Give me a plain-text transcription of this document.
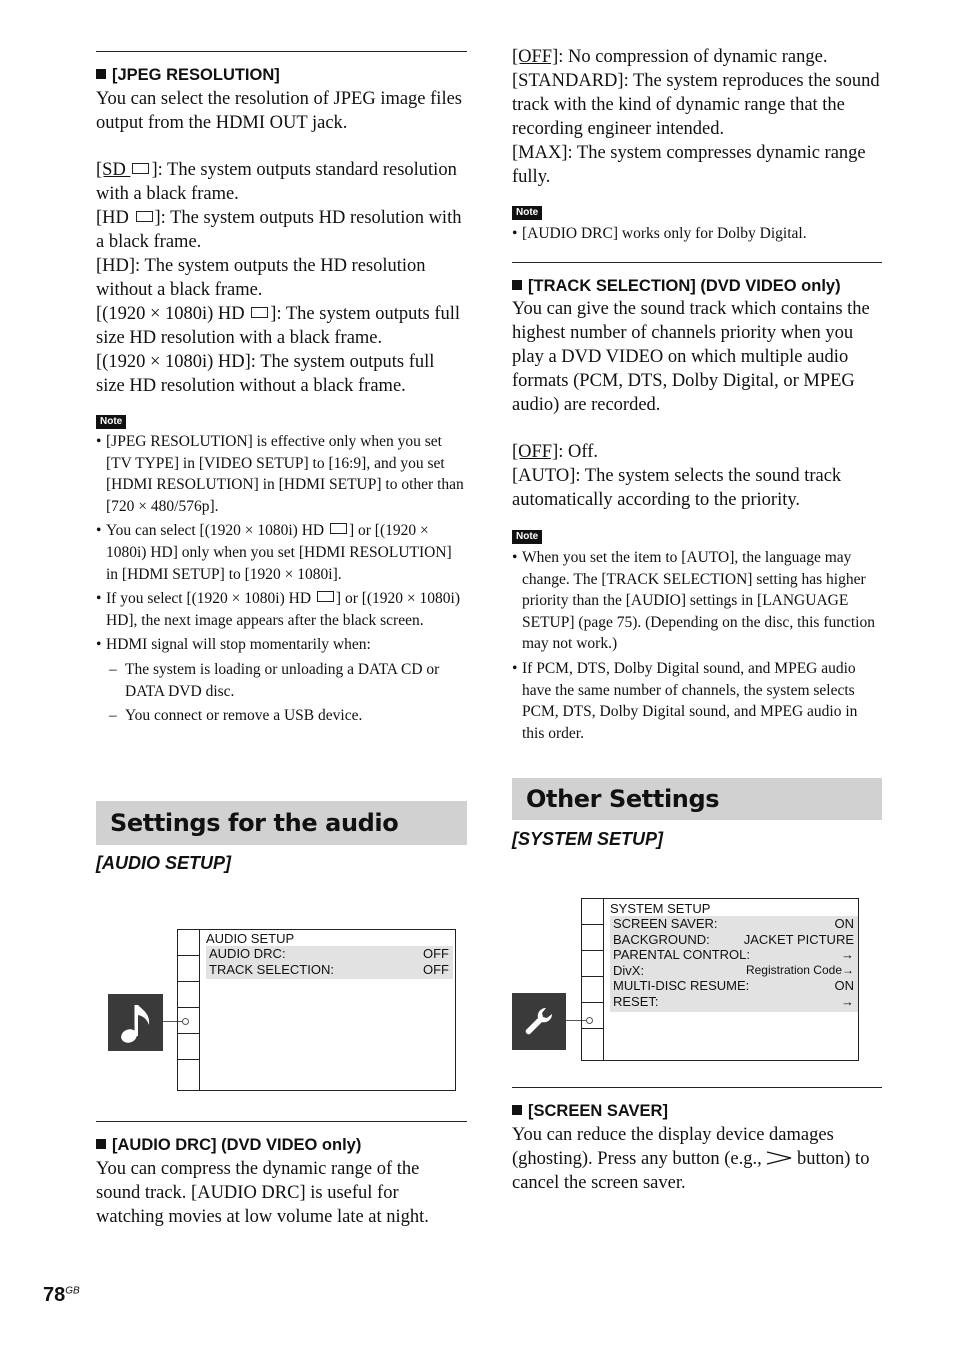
[JPEG RESOLUTION]
You can select the resolution of JPEG image files output from the HDMI OUT jack.
[SD ]: The system outputs standard resolution with a black frame.
[HD ]: The system outputs HD resolution with a black frame.
[HD]: The system outputs the HD resolution without a black frame.
[(1920 × 1080i) HD ]: The system outputs full size HD resolution with a black frame.
[(1920 × 1080i) HD]: The system outputs full size HD resolution without a black frame.
Note
• [JPEG RESOLUTION] is effective only when you set [TV TYPE] in [VIDEO SETUP] to [16:9], and you set [HDMI RESOLUTION] in [HDMI SETUP] to other than [720 × 480/576p].
• You can select [(1920 × 1080i) HD ] or [(1920 × 1080i) HD] only when you set [HDMI RESOLUTION] in [HDMI SETUP] to [1920 × 1080i].
• If you select [(1920 × 1080i) HD ] or [(1920 × 1080i) HD], the next image appears after the black screen.
• HDMI signal will stop momentarily when:
– The system is loading or unloading a DATA CD or DATA DVD disc.
– You connect or remove a USB device.
Settings for the audio
[AUDIO SETUP]
AUDIO SETUP
AUDIO DRC:	OFF
TRACK SELECTION:	OFF
[AUDIO DRC] (DVD VIDEO only)
You can compress the dynamic range of the sound track. [AUDIO DRC] is useful for watching movies at low volume late at night.
[OFF]: No compression of dynamic range.
[STANDARD]: The system reproduces the sound track with the kind of dynamic range that the recording engineer intended.
[MAX]: The system compresses dynamic range fully.
Note
• [AUDIO DRC] works only for Dolby Digital.
[TRACK SELECTION] (DVD VIDEO only)
You can give the sound track which contains the highest number of channels priority when you play a DVD VIDEO on which multiple audio formats (PCM, DTS, Dolby Digital, or MPEG audio) are recorded.
[OFF]: Off.
[AUTO]: The system selects the sound track automatically according to the priority.
Note
• When you set the item to [AUTO], the language may change. The [TRACK SELECTION] setting has higher priority than the [AUDIO] settings in [LANGUAGE SETUP] (page 75). (Depending on the disc, this function may not work.)
• If PCM, DTS, Dolby Digital sound, and MPEG audio have the same number of channels, the system selects PCM, DTS, Dolby Digital sound, and MPEG audio in this order.
Other Settings
[SYSTEM SETUP]
SYSTEM SETUP
SCREEN SAVER:	ON
BACKGROUND:	JACKET PICTURE
PARENTAL CONTROL:	→
DivX:	Registration Code→
MULTI-DISC RESUME:	ON
RESET:	→
[SCREEN SAVER]
You can reduce the display device damages (ghosting). Press any button (e.g.,  button) to cancel the screen saver.
$78^{GB}$
